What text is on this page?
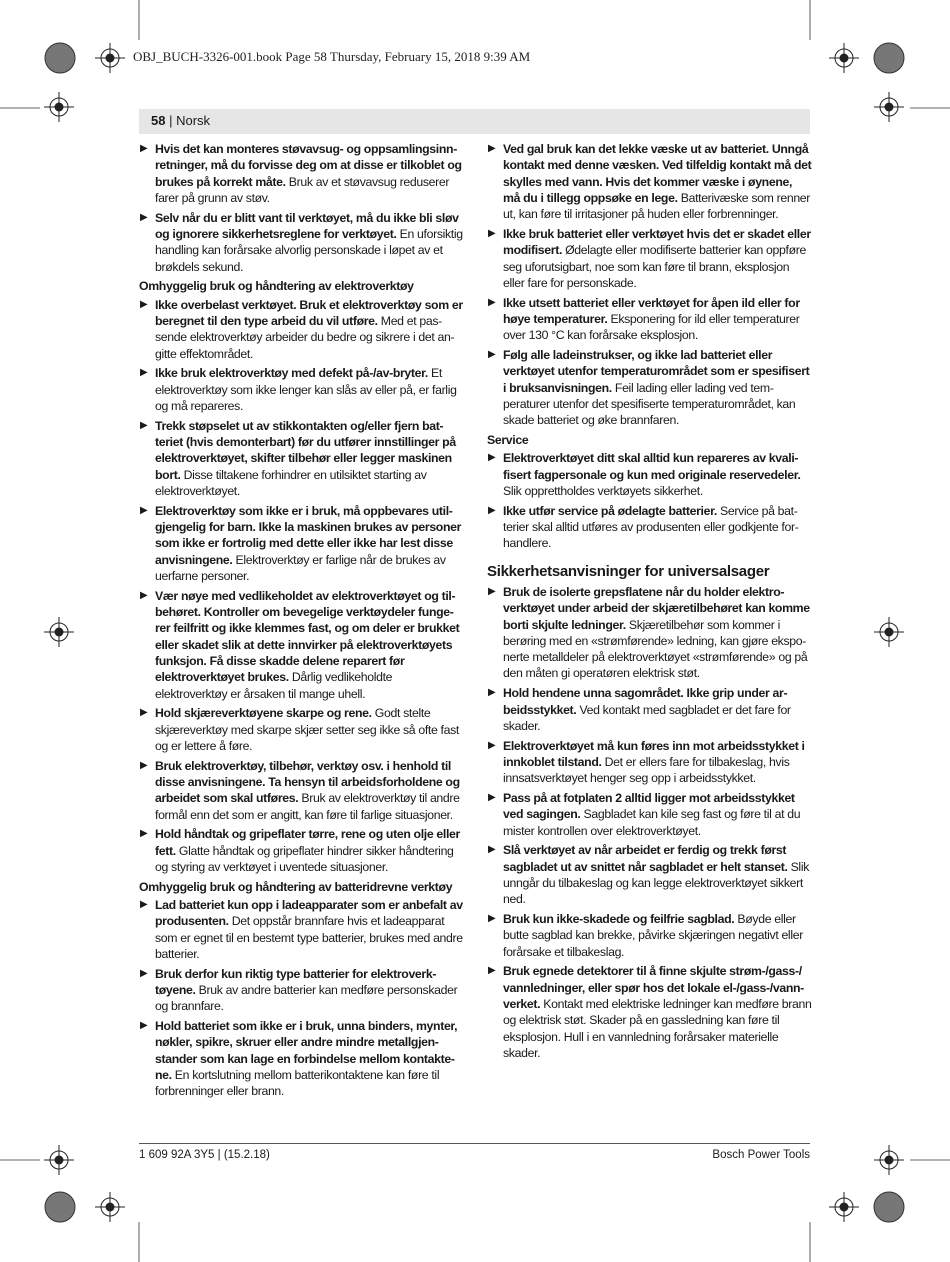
OBJ_BUCH-3326-001.book Page 58 Thursday, February 15, 2018 9:39 AM
58 | Norsk
▶ Hvis det kan monteres støvavsug- og oppsamlingsinnretninger, må du forvisse deg om at disse er tilkoblet og brukes på korrekt måte. Bruk av et støvavsug reduserer farer på grunn av støv.
▶ Selv når du er blitt vant til verktøyet, må du ikke bli sløv og ignorere sikkerhetsreglene for verktøyet. En uforsiktig handling kan forårsake alvorlig personskade i løpet av et brøkdels sekund.
Omhyggelig bruk og håndtering av elektroverktøy
▶ Ikke overbelast verktøyet. Bruk et elektroverktøy som er beregnet til den type arbeid du vil utføre. Med et passende elektroverktøy arbeider du bedre og sikrere i det angitte effektområdet.
▶ Ikke bruk elektroverktøy med defekt på-/av-bryter. Et elektroverktøy som ikke lenger kan slås av eller på, er farlig og må repareres.
▶ Trekk støpselet ut av stikkontakten og/eller fjern batteriet (hvis demonterbart) før du utfører innstillinger på elektroverktøyet, skifter tilbehør eller legger maskinen bort. Disse tiltakene forhindrer en utilsiktet starting av elektroverktøyet.
▶ Elektroverktøy som ikke er i bruk, må oppbevares utilgjengelig for barn. Ikke la maskinen brukes av personer som ikke er fortrolig med dette eller ikke har lest disse anvisningene. Elektroverktøy er farlige når de brukes av uerfarne personer.
▶ Vær nøye med vedlikeholdet av elektroverktøyet og tilbehøret. Kontroller om bevegelige verktøydeler fungerer feilfritt og ikke klemmes fast, og om deler er brukket eller skadet slik at dette innvirker på elektroverktøyets funksjon. Få disse skadde delene reparert før elektroverktøyet brukes. Dårlig vedlikeholdte elektroverktøy er årsaken til mange uhell.
▶ Hold skjæreverktøyene skarpe og rene. Godt stelte skjæreverktøy med skarpe skjær setter seg ikke så ofte fast og er lettere å føre.
▶ Bruk elektroverktøy, tilbehør, verktøy osv. i henhold til disse anvisningene. Ta hensyn til arbeidsforholdene og arbeidet som skal utføres. Bruk av elektroverktøy til andre formål enn det som er angitt, kan føre til farlige situasjoner.
▶ Hold håndtak og gripeflater tørre, rene og uten olje eller fett. Glatte håndtak og gripeflater hindrer sikker håndtering og styring av verktøyet i uventede situasjoner.
Omhyggelig bruk og håndtering av batteridrevne verktøy
▶ Lad batteriet kun opp i ladeapparater som er anbefalt av produsenten. Det oppstår brannfare hvis et ladeapparat som er egnet til en bestemt type batterier, brukes med andre batterier.
▶ Bruk derfor kun riktig type batterier for elektroverktøyene. Bruk av andre batterier kan medføre personskader og brannfare.
▶ Hold batteriet som ikke er i bruk, unna binders, mynter, nøkler, spikre, skruer eller andre mindre metallgjenstander som kan lage en forbindelse mellom kontaktene. En kortslutning mellom batterikontaktene kan føre til forbrenninger eller brann.
▶ Ved gal bruk kan det lekke væske ut av batteriet. Unngå kontakt med denne væsken. Ved tilfeldig kontakt må det skylles med vann. Hvis det kommer væske i øynene, må du i tillegg oppsøke en lege. Batterivæske som renner ut, kan føre til irritasjoner på huden eller forbrenninger.
▶ Ikke bruk batteriet eller verktøyet hvis det er skadet eller modifisert. Ødelagte eller modifiserte batterier kan oppføre seg uforutsigbart, noe som kan føre til brann, eksplosjon eller fare for personskade.
▶ Ikke utsett batteriet eller verktøyet for åpen ild eller for høye temperaturer. Eksponering for ild eller temperaturer over 130 °C kan forårsake eksplosjon.
▶ Følg alle ladeinstrukser, og ikke lad batteriet eller verktøyet utenfor temperaturområdet som er spesifisert i bruksanvisningen. Feil lading eller lading ved temperaturer utenfor det spesifiserte temperaturområdet, kan skade batteriet og øke brannfaren.
Service
▶ Elektroverktøyet ditt skal alltid kun repareres av kvalifisert fagpersonale og kun med originale reservedeler. Slik opprettholdes verktøyets sikkerhet.
▶ Ikke utfør service på ødelagte batterier. Service på batterier skal alltid utføres av produsenten eller godkjente forhandlere.
Sikkerhetsanvisninger for universalsager
▶ Bruk de isolerte grepsflatene når du holder elektroverktøyet under arbeid der skjæretilbehøret kan komme borti skjulte ledninger. Skjæretilbehør som kommer i berøring med en «strømførende» ledning, kan gjøre eksponerte metalldeler på elektroverktøyet «strømførende» og på den måten gi operatøren elektrisk støt.
▶ Hold hendene unna sagområdet. Ikke grip under arbeidsstykket. Ved kontakt med sagbladet er det fare for skader.
▶ Elektroverktøyet må kun føres inn mot arbeidsstykket i innkoblet tilstand. Det er ellers fare for tilbakeslag, hvis innsatsverktøyet henger seg opp i arbeidsstykket.
▶ Pass på at fotplaten 2 alltid ligger mot arbeidsstykket ved sagingen. Sagbladet kan kile seg fast og føre til at du mister kontrollen over elektroverktøyet.
▶ Slå verktøyet av når arbeidet er ferdig og trekk først sagbladet ut av snittet når sagbladet er helt stanset. Slik unngår du tilbakeslag og kan legge elektroverktøyet sikkert ned.
▶ Bruk kun ikke-skadede og feilfrie sagblad. Bøyde eller butte sagblad kan brekke, påvirke skjæringen negativt eller forårsake et tilbakeslag.
▶ Bruk egnede detektorer til å finne skjulte strøm-/gass-/ vannledninger, eller spør hos det lokale el-/gass-/vannverket. Kontakt med elektriske ledninger kan medføre brann og elektrisk støt. Skader på en gassledning kan føre til eksplosjon. Hull i en vannledning forårsaker materielle skader.
1 609 92A 3Y5 | (15.2.18)	Bosch Power Tools
